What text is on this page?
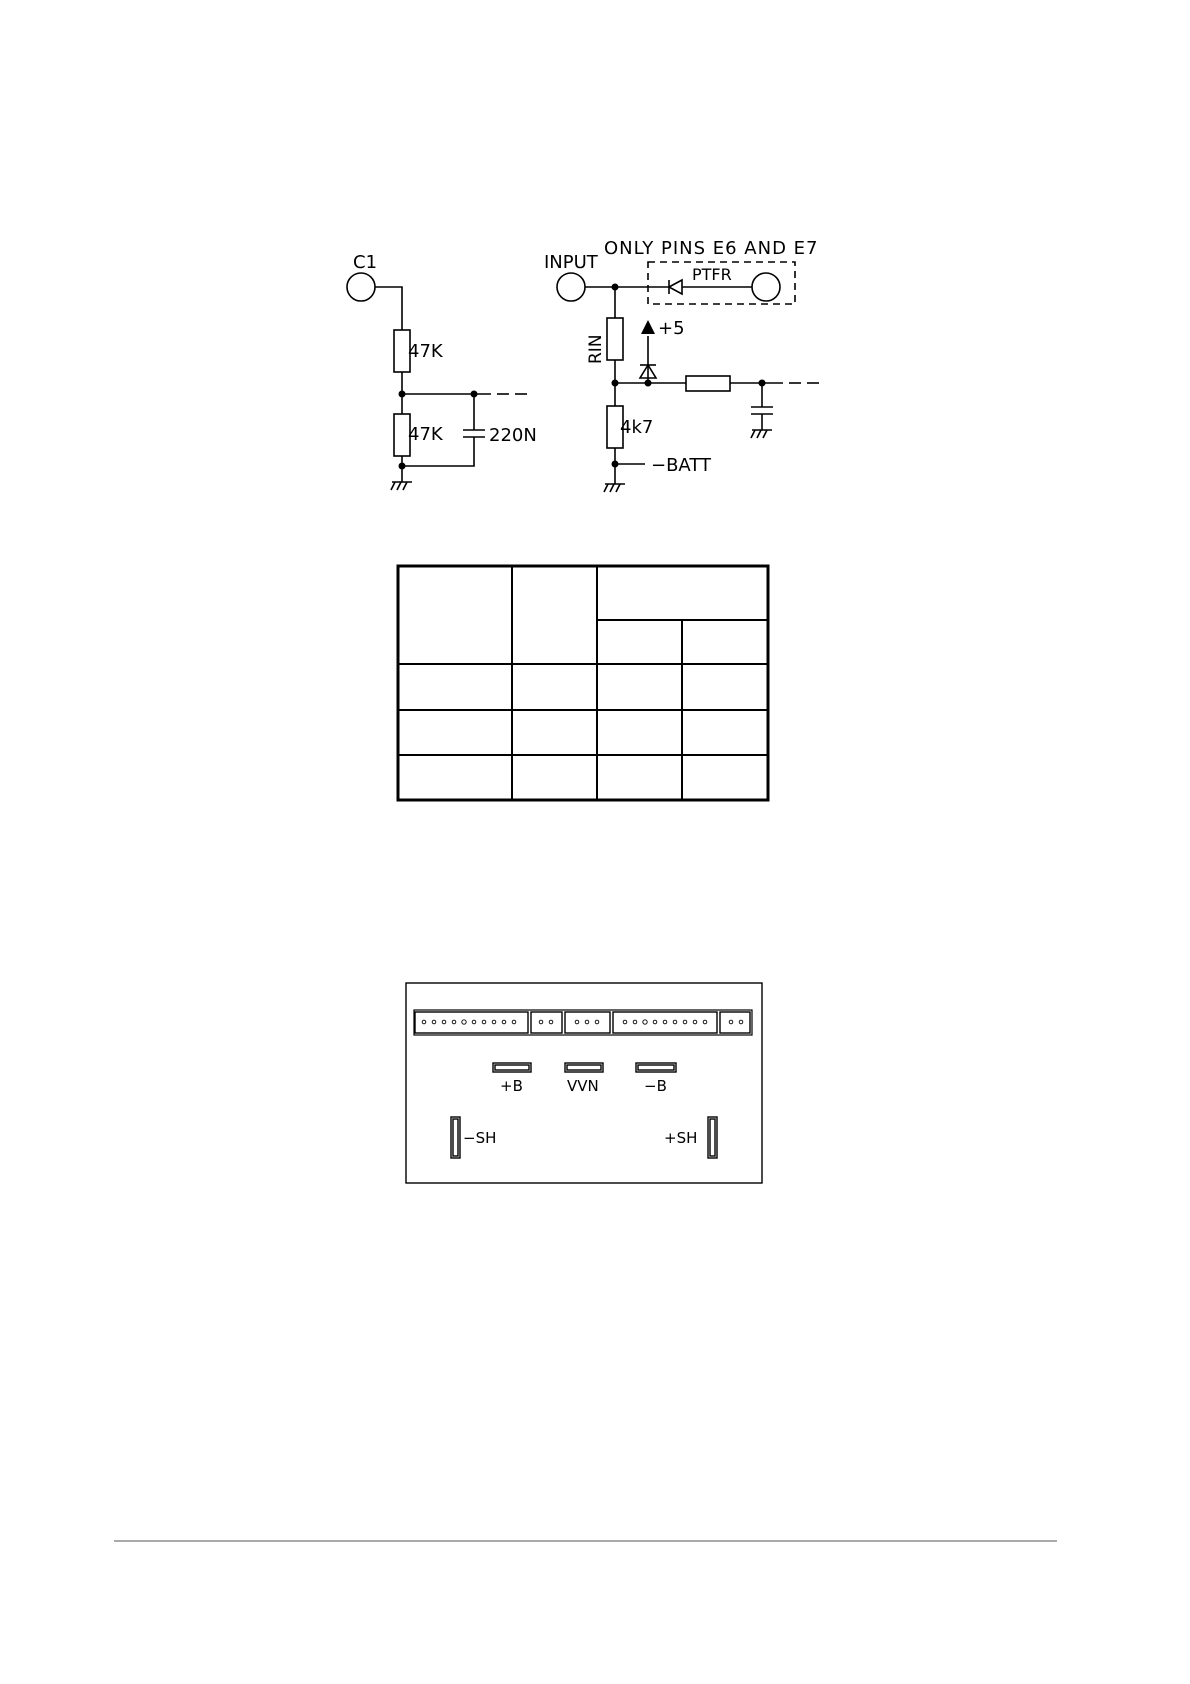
C1
47K
47K	220N
INPUT
ONLY PINS E6 AND E7
PTFR
RIN
+5
4k7
−BATT
+B	VVN	−B
−SH	+SH
